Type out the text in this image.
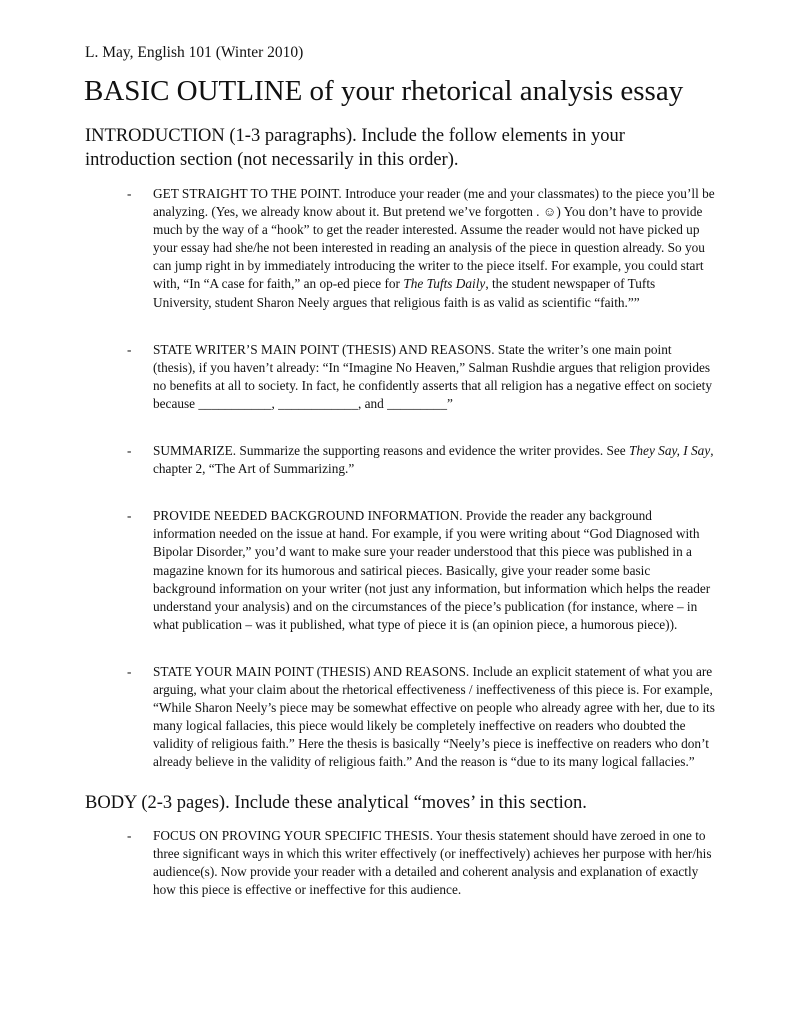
L. May, English 101 (Winter 2010)
BASIC OUTLINE of your rhetorical analysis essay
INTRODUCTION (1-3 paragraphs). Include the follow elements in your introduction section (not necessarily in this order).
- GET STRAIGHT TO THE POINT. Introduce your reader (me and your classmates) to the piece you’ll be analyzing. (Yes, we already know about it. But pretend we’ve forgotten . ☺) You don’t have to provide much by the way of a “hook” to get the reader interested. Assume the reader would not have picked up your essay had she/he not been interested in reading an analysis of the piece in question already. So you can jump right in by immediately introducing the writer to the piece itself. For example, you could start with, “In “A case for faith,” an op-ed piece for The Tufts Daily, the student newspaper of Tufts University, student Sharon Neely argues that religious faith is as valid as scientific “faith.””
- STATE WRITER’S MAIN POINT (THESIS) AND REASONS. State the writer’s one main point (thesis), if you haven’t already: “In “Imagine No Heaven,” Salman Rushdie argues that religion provides no benefits at all to society. In fact, he confidently asserts that all religion has a negative effect on society because ___________, ____________, and _________”
- SUMMARIZE. Summarize the supporting reasons and evidence the writer provides. See They Say, I Say, chapter 2, “The Art of Summarizing.”
- PROVIDE NEEDED BACKGROUND INFORMATION. Provide the reader any background information needed on the issue at hand. For example, if you were writing about “God Diagnosed with Bipolar Disorder,” you’d want to make sure your reader understood that this piece was published in a magazine known for its humorous and satirical pieces. Basically, give your reader some basic background information on your writer (not just any information, but information which helps the reader understand your analysis) and on the circumstances of the piece’s publication (for instance, where – in what publication – was it published, what type of piece it is (an opinion piece, a humorous piece)).
- STATE YOUR MAIN POINT (THESIS) AND REASONS. Include an explicit statement of what you are arguing, what your claim about the rhetorical effectiveness / ineffectiveness of this piece is. For example, “While Sharon Neely’s piece may be somewhat effective on people who already agree with her, due to its many logical fallacies, this piece would likely be completely ineffective on readers who doubted the validity of religious faith.” Here the thesis is basically “Neely’s piece is ineffective on readers who don’t already believe in the validity of religious faith.” And the reason is “due to its many logical fallacies.”
BODY (2-3 pages). Include these analytical “moves’ in this section.
- FOCUS ON PROVING YOUR SPECIFIC THESIS. Your thesis statement should have zeroed in one to three significant ways in which this writer effectively (or ineffectively) achieves her purpose with her/his audience(s). Now provide your reader with a detailed and coherent analysis and explanation of exactly how this piece is effective or ineffective for this audience.
